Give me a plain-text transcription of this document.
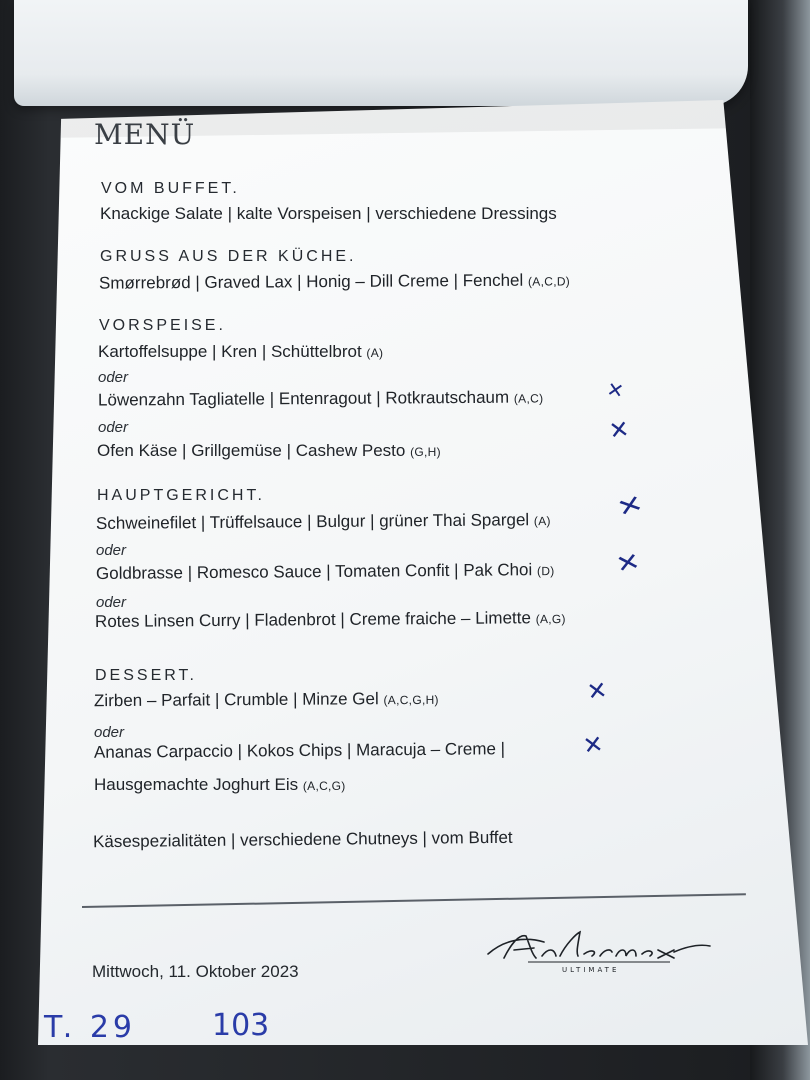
MENÜ
VOM BUFFET.
Knackige Salate | kalte Vorspeisen | verschiedene Dressings
GRUSS AUS DER KÜCHE.
Smørrebrød | Graved Lax | Honig – Dill Creme | Fenchel (A,C,D)
VORSPEISE.
Kartoffelsuppe | Kren | Schüttelbrot (A)
oder
Löwenzahn Tagliatelle | Entenragout | Rotkrautschaum (A,C)
oder
Ofen Käse | Grillgemüse | Cashew Pesto (G,H)
HAUPTGERICHT.
Schweinefilet | Trüffelsauce | Bulgur | grüner Thai Spargel (A)
oder
Goldbrasse | Romesco Sauce | Tomaten Confit | Pak Choi (D)
oder
Rotes Linsen Curry | Fladenbrot | Creme fraiche – Limette (A,G)
DESSERT.
Zirben – Parfait | Crumble | Minze Gel (A,C,G,H)
oder
Ananas Carpaccio | Kokos Chips | Maracuja – Creme |
Hausgemachte Joghurt Eis (A,C,G)
Käsespezialitäten | verschiedene Chutneys | vom Buffet
Mittwoch, 11. Oktober 2023	ULTIMATE
✕
✕
✕
✕
✕
✕
T. 29	103
